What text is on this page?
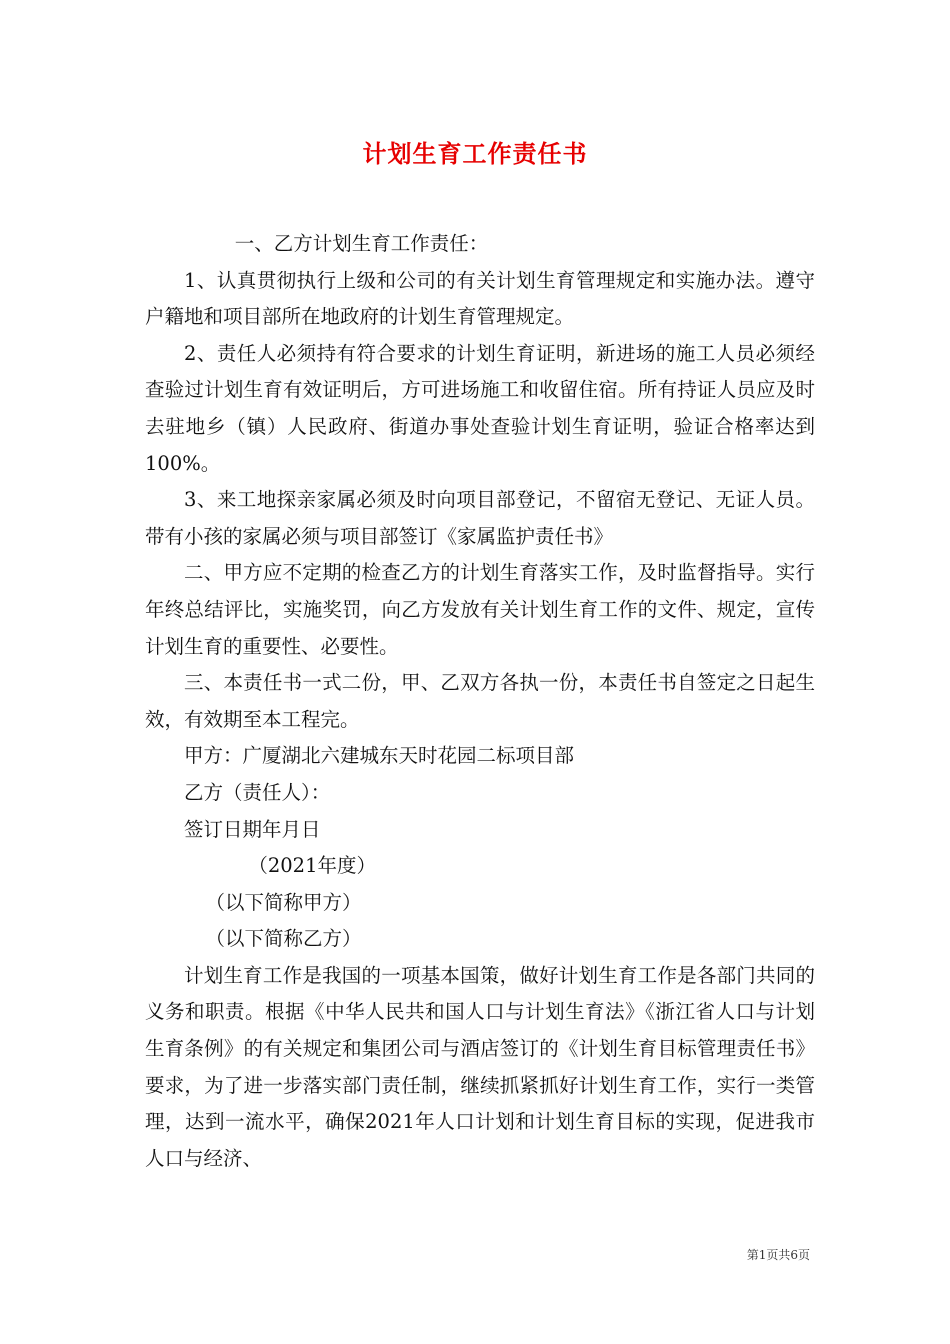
计划生育工作责任书

一、乙方计划生育工作责任：

1、认真贯彻执行上级和公司的有关计划生育管理规定和实施办法。遵守户籍地和项目部所在地政府的计划生育管理规定。

2、责任人必须持有符合要求的计划生育证明，新进场的施工人员必须经查验过计划生育有效证明后，方可进场施工和收留住宿。所有持证人员应及时去驻地乡（镇）人民政府、街道办事处查验计划生育证明，验证合格率达到100%。

3、来工地探亲家属必须及时向项目部登记，不留宿无登记、无证人员。带有小孩的家属必须与项目部签订《家属监护责任书》

二、甲方应不定期的检查乙方的计划生育落实工作，及时监督指导。实行年终总结评比，实施奖罚，向乙方发放有关计划生育工作的文件、规定，宣传计划生育的重要性、必要性。

三、本责任书一式二份，甲、乙双方各执一份，本责任书自签定之日起生效，有效期至本工程完。

甲方：广厦湖北六建城东天时花园二标项目部

乙方（责任人）：

签订日期年月日

（2021年度）

（以下简称甲方）

（以下简称乙方）

计划生育工作是我国的一项基本国策，做好计划生育工作是各部门共同的义务和职责。根据《中华人民共和国人口与计划生育法》《浙江省人口与计划生育条例》的有关规定和集团公司与酒店签订的《计划生育目标管理责任书》要求，为了进一步落实部门责任制，继续抓紧抓好计划生育工作，实行一类管理，达到一流水平，确保2021年人口计划和计划生育目标的实现，促进我市人口与经济、

第1页共6页
